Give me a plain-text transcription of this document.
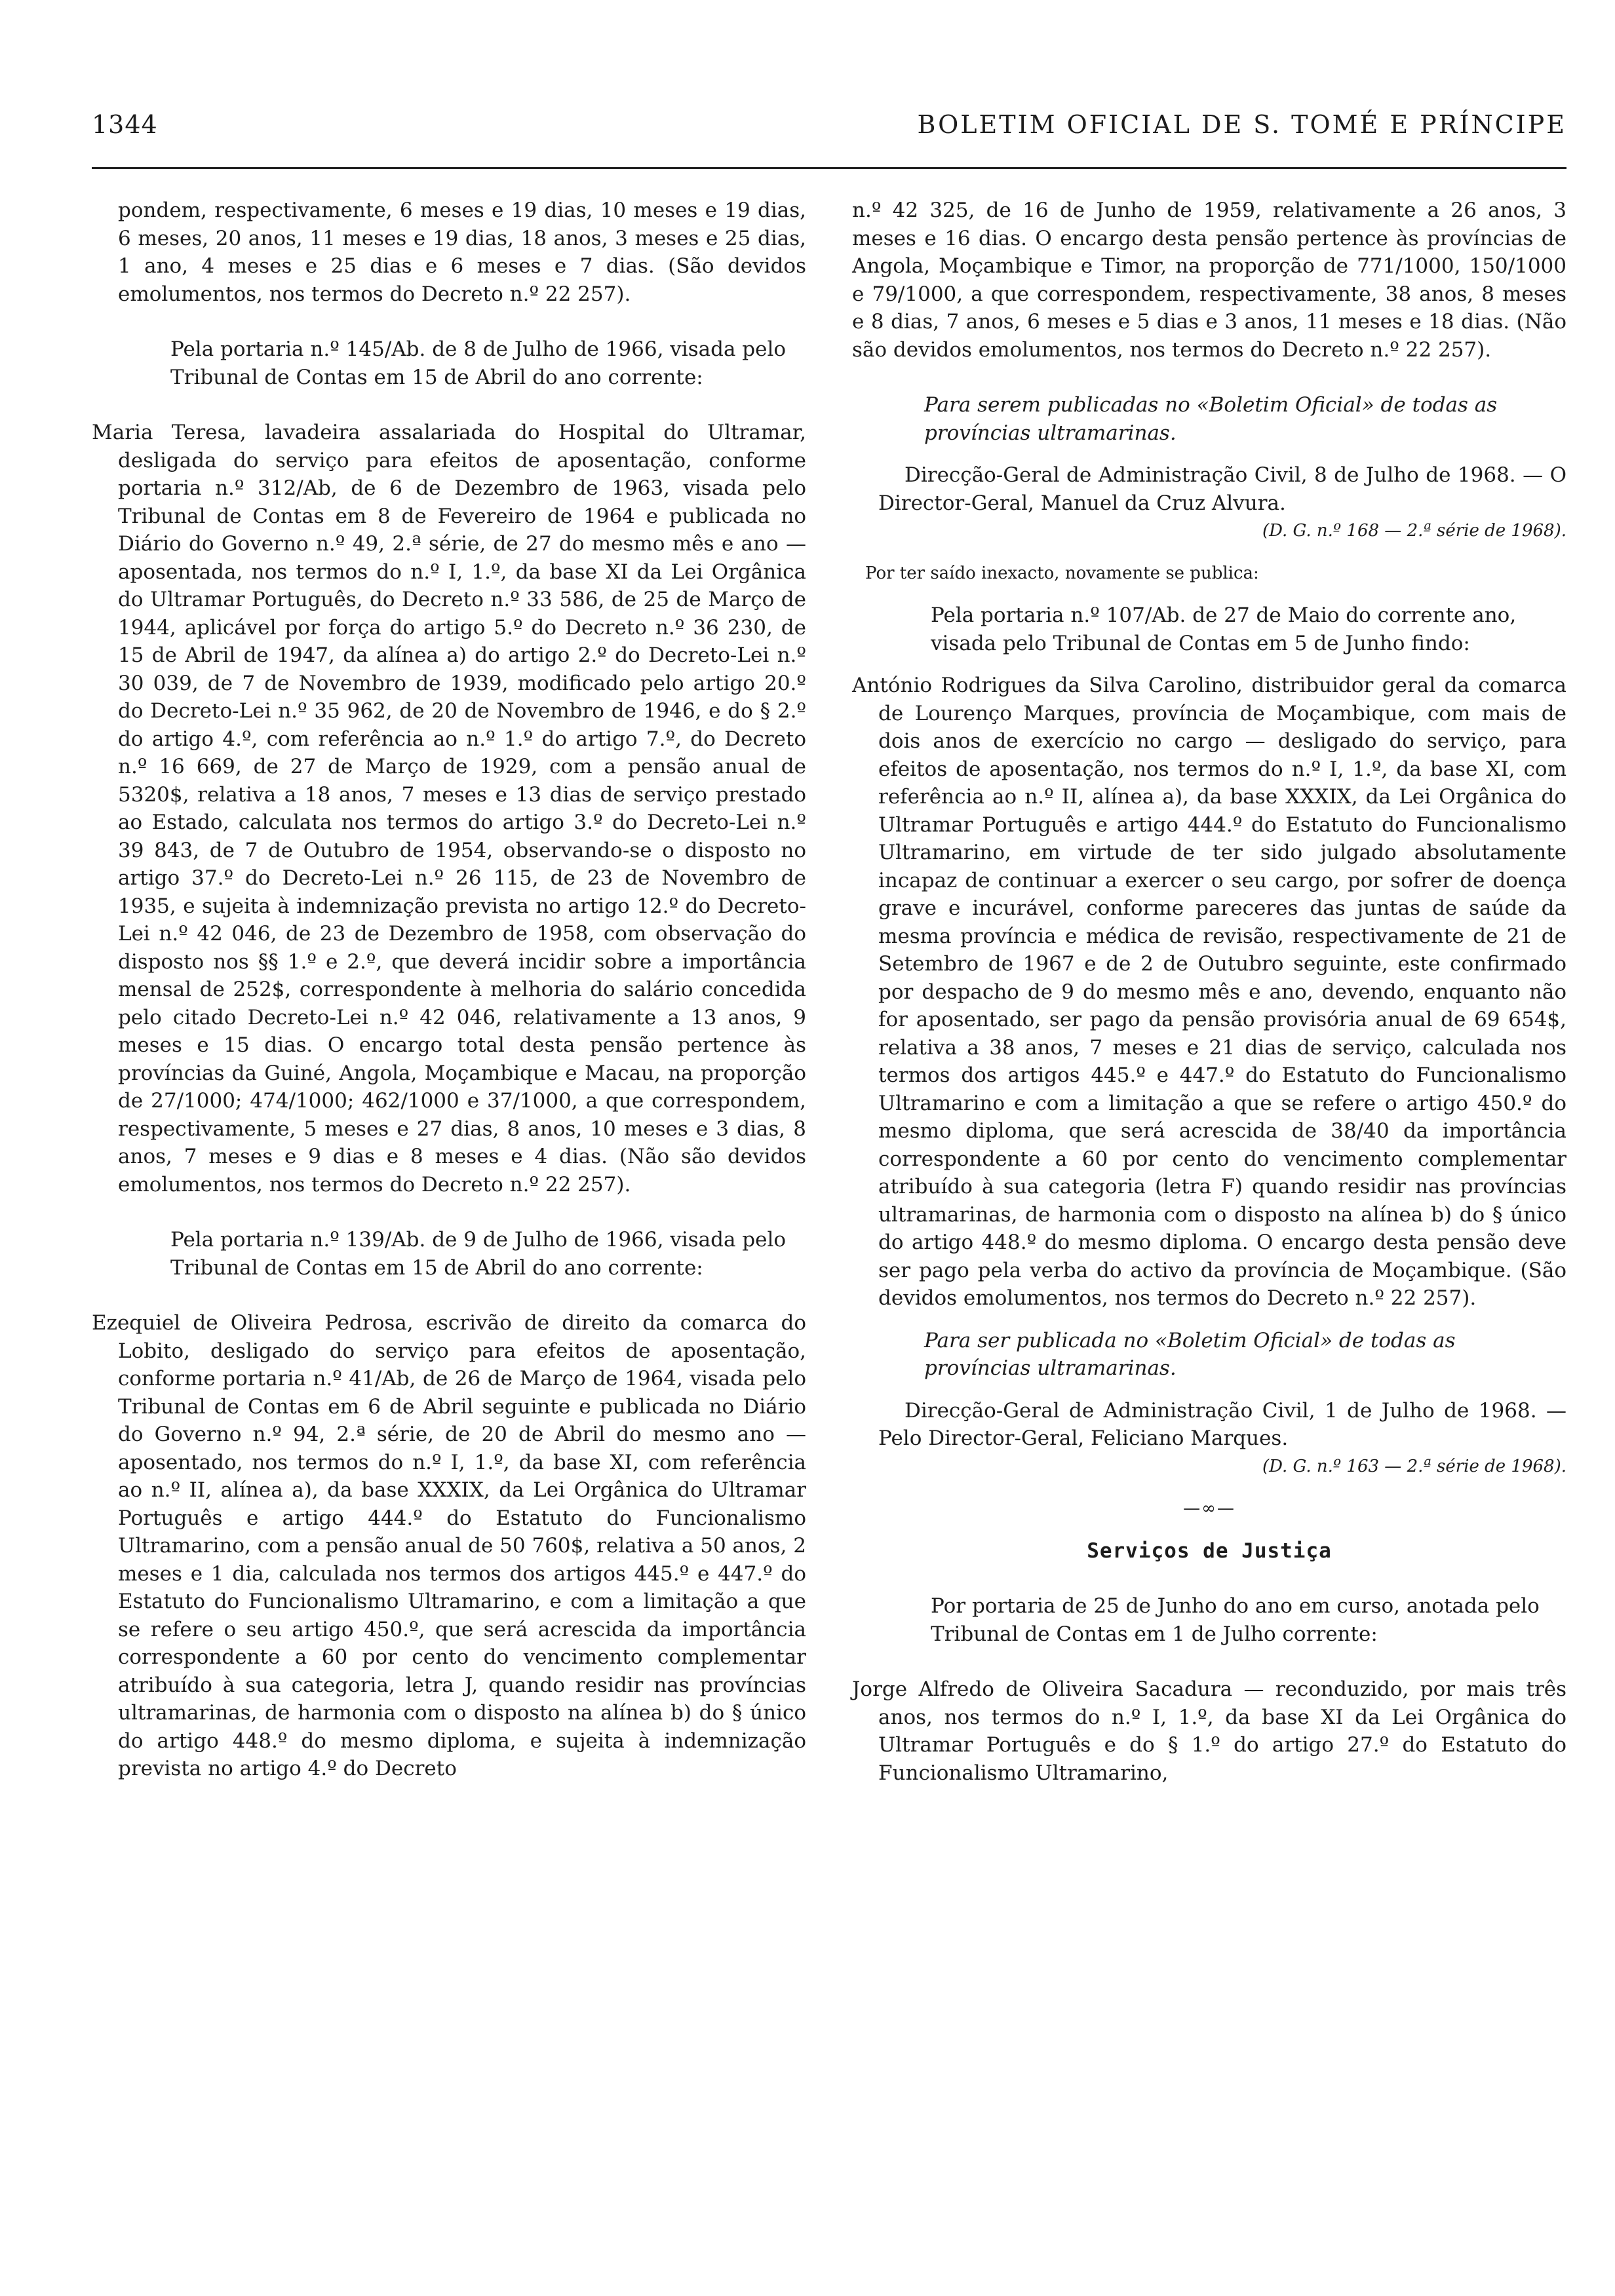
1344	BOLETIM OFICIAL DE S. TOMÉ E PRÍNCIPE

pondem, respectivamente, 6 meses e 19 dias, 10 meses e 19 dias, 6 meses, 20 anos, 11 meses e 19 dias, 18 anos, 3 meses e 25 dias, 1 ano, 4 meses e 25 dias e 6 meses e 7 dias. (São devidos emolumentos, nos termos do Decreto n.º 22 257).

Pela portaria n.º 145/Ab. de 8 de Julho de 1966, visada pelo Tribunal de Contas em 15 de Abril do ano corrente:

Maria Teresa, lavadeira assalariada do Hospital do Ultramar, desligada do serviço para efeitos de aposentação, conforme portaria n.º 312/Ab, de 6 de Dezembro de 1963, visada pelo Tribunal de Contas em 8 de Fevereiro de 1964 e publicada no Diário do Governo n.º 49, 2.ª série, de 27 do mesmo mês e ano — aposentada, nos termos do n.º I, 1.º, da base XI da Lei Orgânica do Ultramar Português, do Decreto n.º 33 586, de 25 de Março de 1944, aplicável por força do artigo 5.º do Decreto n.º 36 230, de 15 de Abril de 1947, da alínea a) do artigo 2.º do Decreto-Lei n.º 30 039, de 7 de Novembro de 1939, modificado pelo artigo 20.º do Decreto-Lei n.º 35 962, de 20 de Novembro de 1946, e do § 2.º do artigo 4.º, com referência ao n.º 1.º do artigo 7.º, do Decreto n.º 16 669, de 27 de Março de 1929, com a pensão anual de 5320$, relativa a 18 anos, 7 meses e 13 dias de serviço prestado ao Estado, calculata nos termos do artigo 3.º do Decreto-Lei n.º 39 843, de 7 de Outubro de 1954, observando-se o disposto no artigo 37.º do Decreto-Lei n.º 26 115, de 23 de Novembro de 1935, e sujeita à indemnização prevista no artigo 12.º do Decreto-Lei n.º 42 046, de 23 de Dezembro de 1958, com observação do disposto nos §§ 1.º e 2.º, que deverá incidir sobre a importância mensal de 252$, correspondente à melhoria do salário concedida pelo citado Decreto-Lei n.º 42 046, relativamente a 13 anos, 9 meses e 15 dias. O encargo total desta pensão pertence às províncias da Guiné, Angola, Moçambique e Macau, na proporção de 27/1000; 474/1000; 462/1000 e 37/1000, a que correspondem, respectivamente, 5 meses e 27 dias, 8 anos, 10 meses e 3 dias, 8 anos, 7 meses e 9 dias e 8 meses e 4 dias. (Não são devidos emolumentos, nos termos do Decreto n.º 22 257).

Pela portaria n.º 139/Ab. de 9 de Julho de 1966, visada pelo Tribunal de Contas em 15 de Abril do ano corrente:

Ezequiel de Oliveira Pedrosa, escrivão de direito da comarca do Lobito, desligado do serviço para efeitos de aposentação, conforme portaria n.º 41/Ab, de 26 de Março de 1964, visada pelo Tribunal de Contas em 6 de Abril seguinte e publicada no Diário do Governo n.º 94, 2.ª série, de 20 de Abril do mesmo ano — aposentado, nos termos do n.º I, 1.º, da base XI, com referência ao n.º II, alínea a), da base XXXIX, da Lei Orgânica do Ultramar Português e artigo 444.º do Estatuto do Funcionalismo Ultramarino, com a pensão anual de 50 760$, relativa a 50 anos, 2 meses e 1 dia, calculada nos termos dos artigos 445.º e 447.º do Estatuto do Funcionalismo Ultramarino, e com a limitação a que se refere o seu artigo 450.º, que será acrescida da importância correspondente a 60 por cento do vencimento complementar atribuído à sua categoria, letra J, quando residir nas províncias ultramarinas, de harmonia com o disposto na alínea b) do § único do artigo 448.º do mesmo diploma, e sujeita à indemnização prevista no artigo 4.º do Decreto

n.º 42 325, de 16 de Junho de 1959, relativamente a 26 anos, 3 meses e 16 dias. O encargo desta pensão pertence às províncias de Angola, Moçambique e Timor, na proporção de 771/1000, 150/1000 e 79/1000, a que correspondem, respectivamente, 38 anos, 8 meses e 8 dias, 7 anos, 6 meses e 5 dias e 3 anos, 11 meses e 18 dias. (Não são devidos emolumentos, nos termos do Decreto n.º 22 257).

Para serem publicadas no «Boletim Oficial» de todas as províncias ultramarinas.

Direcção-Geral de Administração Civil, 8 de Julho de 1968. — O Director-Geral, Manuel da Cruz Alvura.

(D. G. n.º 168 — 2.ª série de 1968).

Por ter saído inexacto, novamente se publica:

Pela portaria n.º 107/Ab. de 27 de Maio do corrente ano, visada pelo Tribunal de Contas em 5 de Junho findo:

António Rodrigues da Silva Carolino, distribuidor geral da comarca de Lourenço Marques, província de Moçambique, com mais de dois anos de exercício no cargo — desligado do serviço, para efeitos de aposentação, nos termos do n.º I, 1.º, da base XI, com referência ao n.º II, alínea a), da base XXXIX, da Lei Orgânica do Ultramar Português e artigo 444.º do Estatuto do Funcionalismo Ultramarino, em virtude de ter sido julgado absolutamente incapaz de continuar a exercer o seu cargo, por sofrer de doença grave e incurável, conforme pareceres das juntas de saúde da mesma província e médica de revisão, respectivamente de 21 de Setembro de 1967 e de 2 de Outubro seguinte, este confirmado por despacho de 9 do mesmo mês e ano, devendo, enquanto não for aposentado, ser pago da pensão provisória anual de 69 654$, relativa a 38 anos, 7 meses e 21 dias de serviço, calculada nos termos dos artigos 445.º e 447.º do Estatuto do Funcionalismo Ultramarino e com a limitação a que se refere o artigo 450.º do mesmo diploma, que será acrescida de 38/40 da importância correspondente a 60 por cento do vencimento complementar atribuído à sua categoria (letra F) quando residir nas províncias ultramarinas, de harmonia com o disposto na alínea b) do § único do artigo 448.º do mesmo diploma. O encargo desta pensão deve ser pago pela verba do activo da província de Moçambique. (São devidos emolumentos, nos termos do Decreto n.º 22 257).

Para ser publicada no «Boletim Oficial» de todas as províncias ultramarinas.

Direcção-Geral de Administração Civil, 1 de Julho de 1968. — Pelo Director-Geral, Feliciano Marques.

(D. G. n.º 163 — 2.ª série de 1968).

—∞—

Serviços de Justiça

Por portaria de 25 de Junho do ano em curso, anotada pelo Tribunal de Contas em 1 de Julho corrente:

Jorge Alfredo de Oliveira Sacadura — reconduzido, por mais três anos, nos termos do n.º I, 1.º, da base XI da Lei Orgânica do Ultramar Português e do § 1.º do artigo 27.º do Estatuto do Funcionalismo Ultramarino,
